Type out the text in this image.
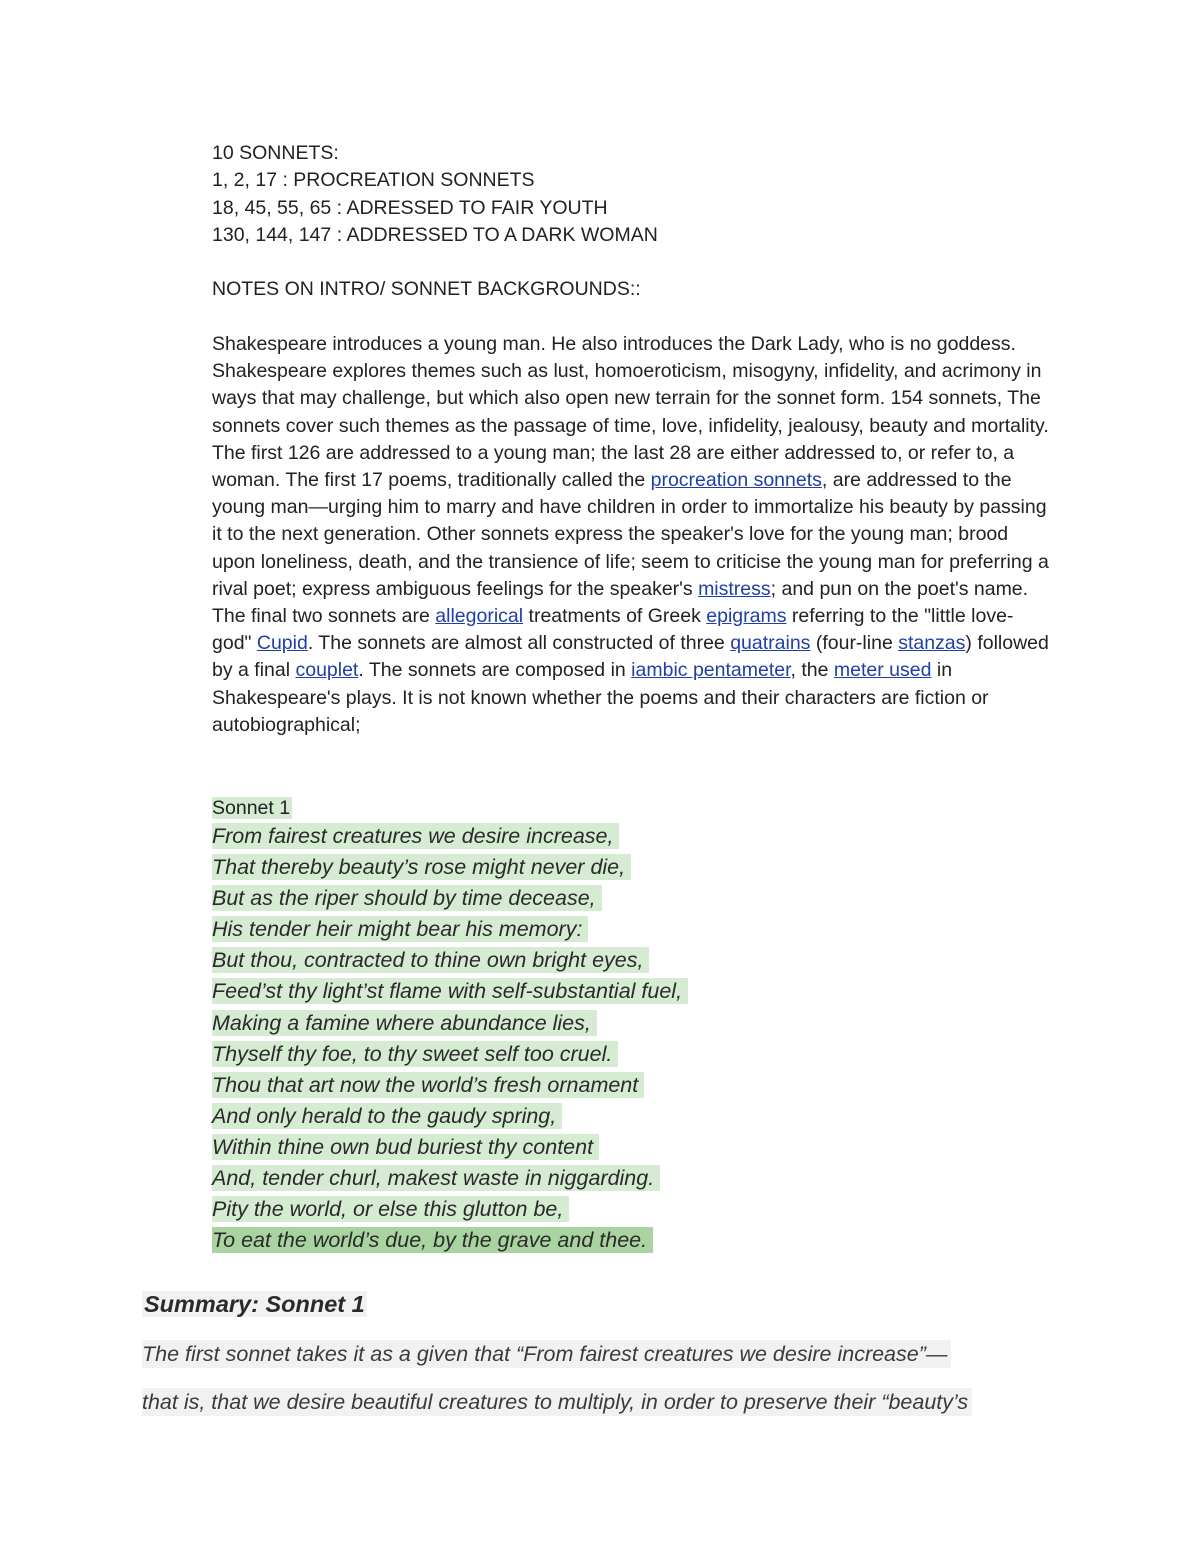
10 SONNETS:
1, 2, 17 : PROCREATION SONNETS
18, 45, 55, 65 : ADRESSED TO FAIR YOUTH
130, 144, 147 : ADDRESSED TO A DARK WOMAN
NOTES ON INTRO/ SONNET BACKGROUNDS::

Shakespeare introduces a young man. He also introduces the Dark Lady, who is no goddess. Shakespeare explores themes such as lust, homoeroticism, misogyny, infidelity, and acrimony in ways that may challenge, but which also open new terrain for the sonnet form. 154 sonnets, The sonnets cover such themes as the passage of time, love, infidelity, jealousy, beauty and mortality. The first 126 are addressed to a young man; the last 28 are either addressed to, or refer to, a woman. The first 17 poems, traditionally called the procreation sonnets, are addressed to the young man—urging him to marry and have children in order to immortalize his beauty by passing it to the next generation. Other sonnets express the speaker's love for the young man; brood upon loneliness, death, and the transience of life; seem to criticise the young man for preferring a rival poet; express ambiguous feelings for the speaker's mistress; and pun on the poet's name. The final two sonnets are allegorical treatments of Greek epigrams referring to the "little love-god" Cupid. The sonnets are almost all constructed of three quatrains (four-line stanzas) followed by a final couplet. The sonnets are composed in iambic pentameter, the meter used in Shakespeare's plays. It is not known whether the poems and their characters are fiction or autobiographical;

Sonnet 1
From fairest creatures we desire increase,
That thereby beauty’s rose might never die,
But as the riper should by time decease,
His tender heir might bear his memory:
But thou, contracted to thine own bright eyes,
Feed’st thy light’st flame with self-substantial fuel,
Making a famine where abundance lies,
Thyself thy foe, to thy sweet self too cruel.
Thou that art now the world’s fresh ornament
And only herald to the gaudy spring,
Within thine own bud buriest thy content
And, tender churl, makest waste in niggarding.
Pity the world, or else this glutton be,
To eat the world’s due, by the grave and thee.
Summary: Sonnet 1
The first sonnet takes it as a given that “From fairest creatures we desire increase”—
that is, that we desire beautiful creatures to multiply, in order to preserve their “beauty’s
